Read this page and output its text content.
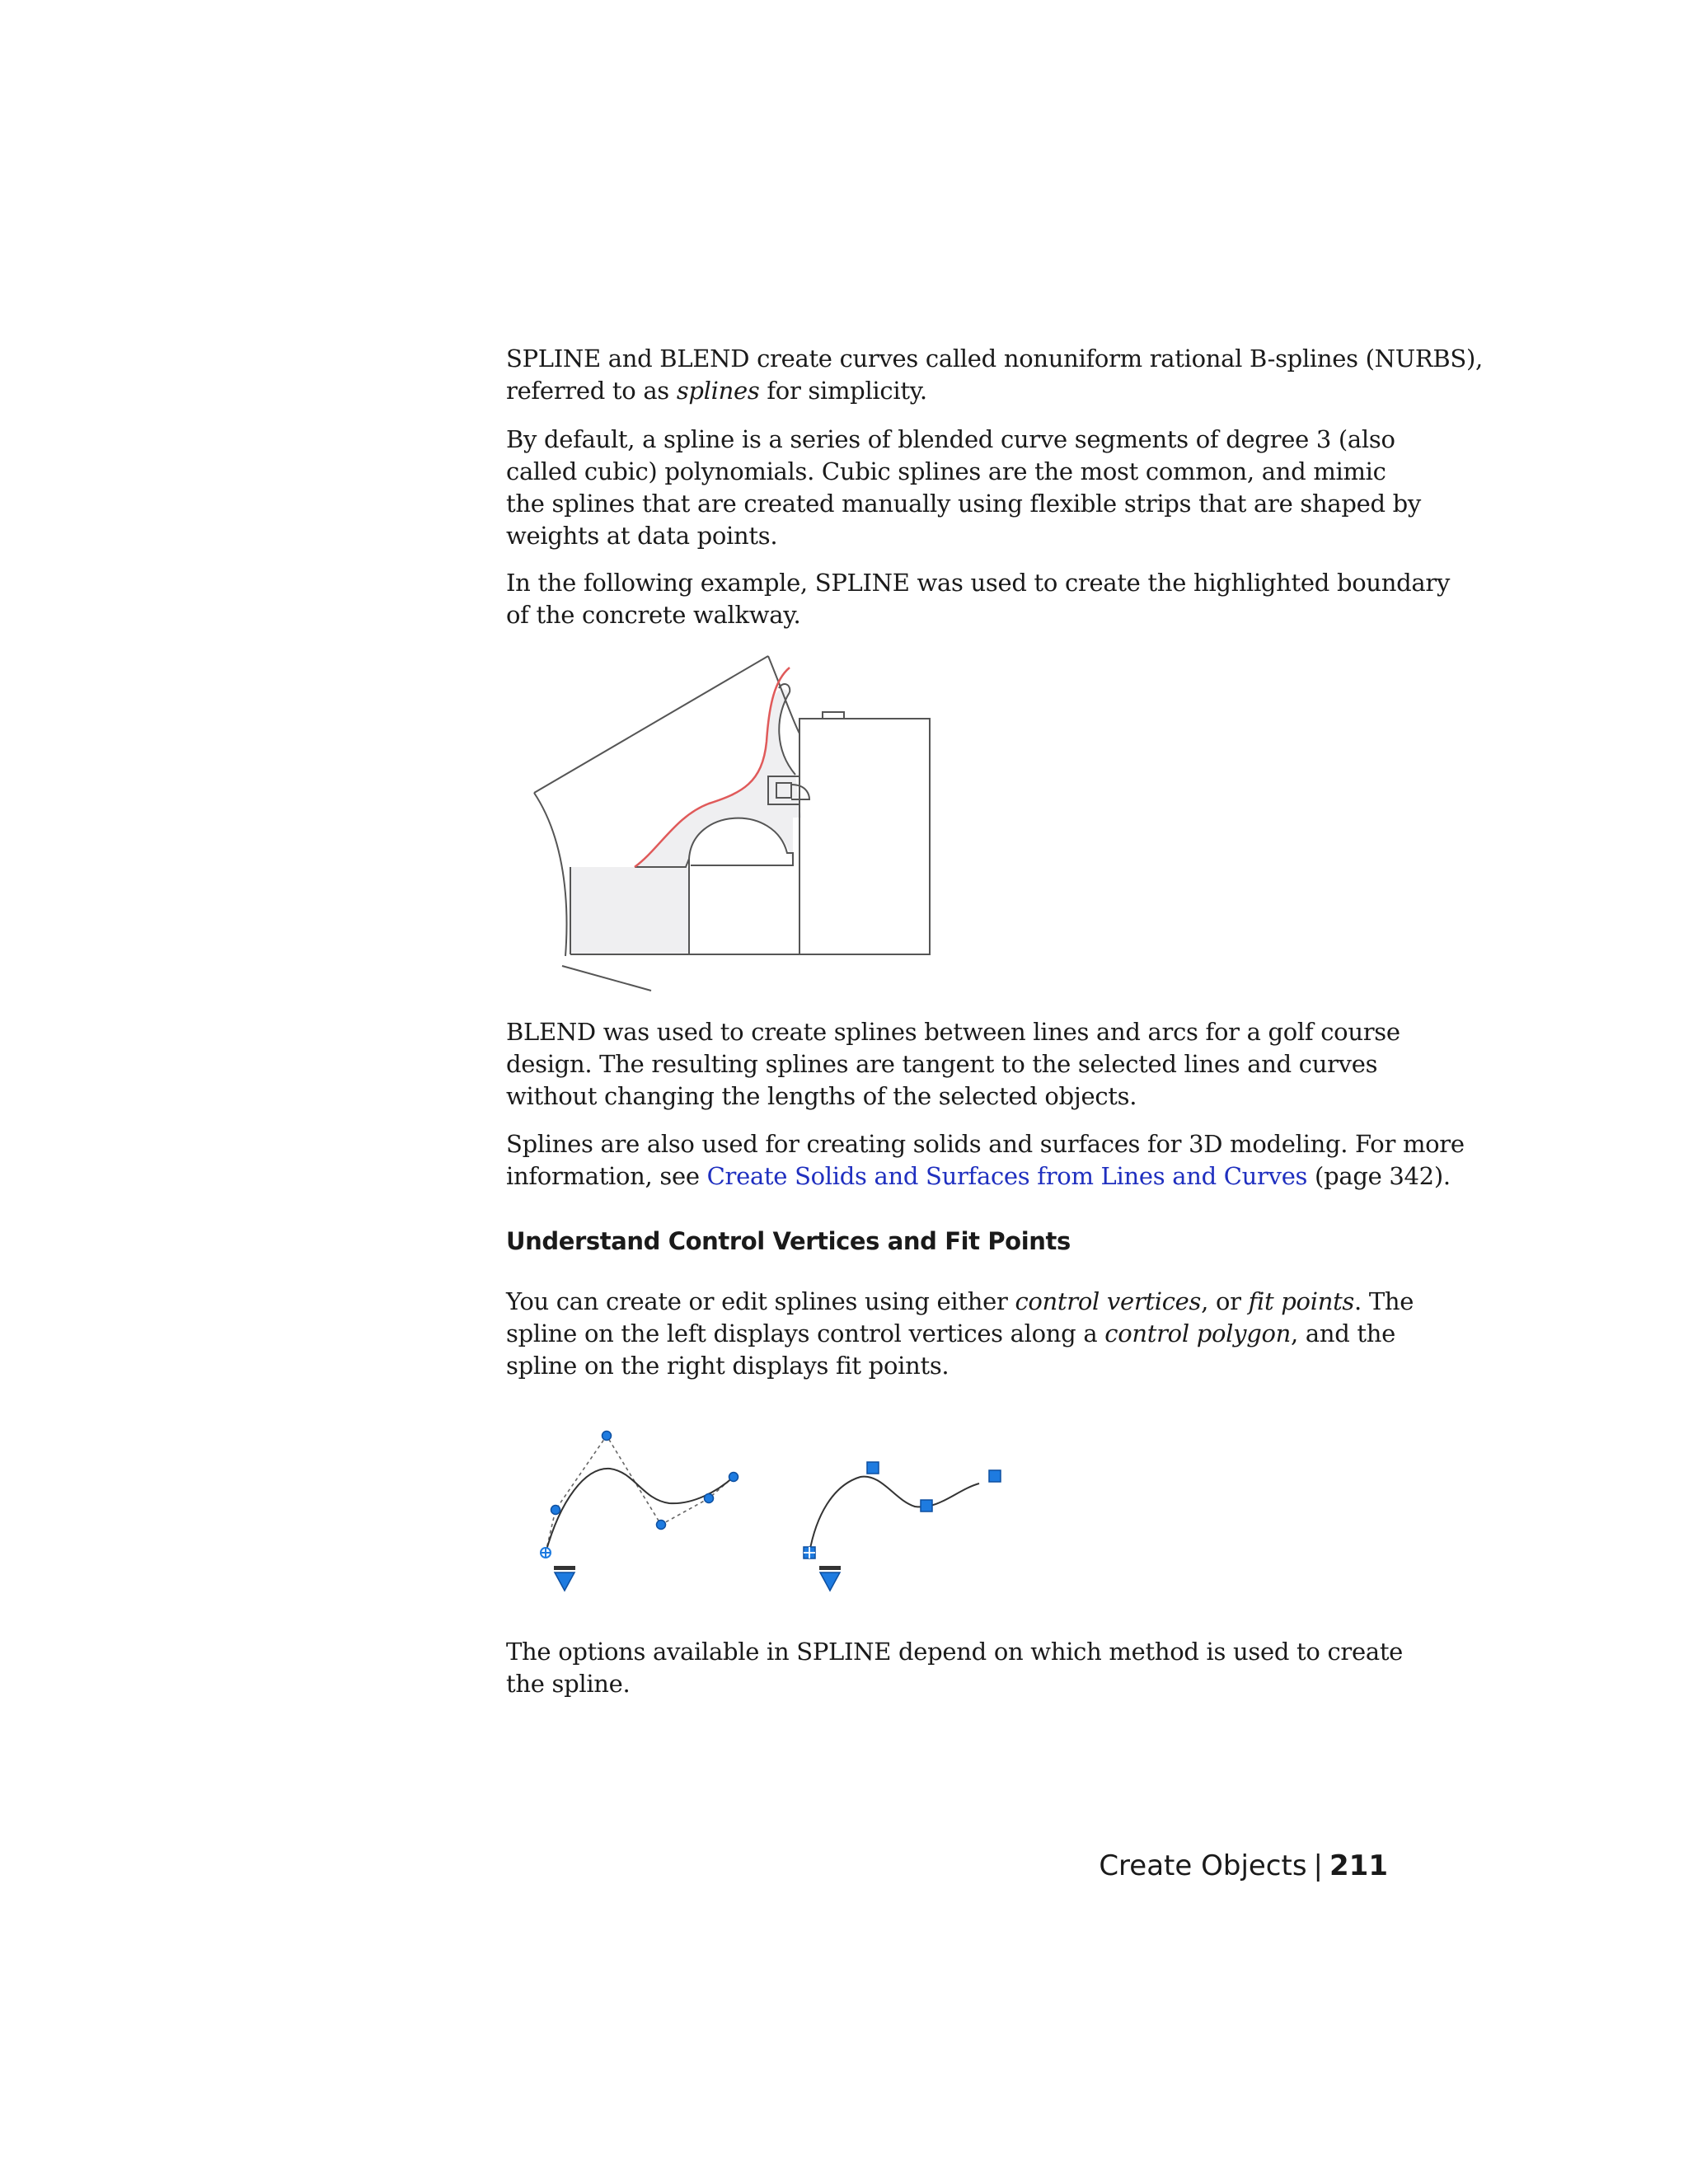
SPLINE and BLEND create curves called nonuniform rational B-splines (NURBS),
referred to as splines for simplicity.

By default, a spline is a series of blended curve segments of degree 3 (also
called cubic) polynomials. Cubic splines are the most common, and mimic
the splines that are created manually using flexible strips that are shaped by
weights at data points.

In the following example, SPLINE was used to create the highlighted boundary
of the concrete walkway.

BLEND was used to create splines between lines and arcs for a golf course
design. The resulting splines are tangent to the selected lines and curves
without changing the lengths of the selected objects.

Splines are also used for creating solids and surfaces for 3D modeling. For more
information, see Create Solids and Surfaces from Lines and Curves (page 342).

Understand Control Vertices and Fit Points

You can create or edit splines using either control vertices, or fit points. The
spline on the left displays control vertices along a control polygon, and the
spline on the right displays fit points.

The options available in SPLINE depend on which method is used to create
the spline.

Create Objects | 211
